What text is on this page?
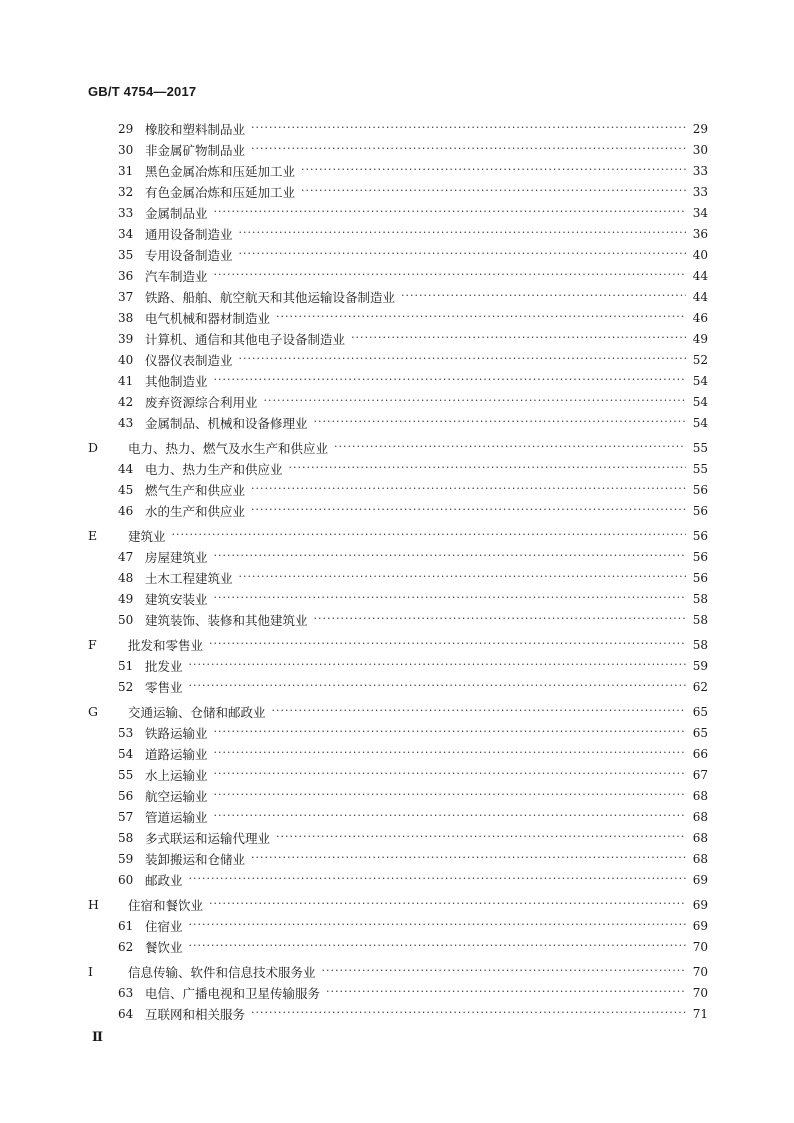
GB/T 4754—2017
29 橡胶和塑料制品业 ·····	29
30 非金属矿物制品业 ·····	30
31 黑色金属冶炼和压延加工业 ·····	33
32 有色金属冶炼和压延加工业 ·····	33
33 金属制品业 ·····	34
34 通用设备制造业 ·····	36
35 专用设备制造业 ·····	40
36 汽车制造业 ·····	44
37 铁路、船舶、航空航天和其他运输设备制造业 ·····	44
38 电气机械和器材制造业 ·····	46
39 计算机、通信和其他电子设备制造业 ·····	49
40 仪器仪表制造业 ·····	52
41 其他制造业 ·····	54
42 废弃资源综合利用业 ·····	54
43 金属制品、机械和设备修理业 ·····	54
D	电力、热力、燃气及水生产和供应业 ·····	55
44 电力、热力生产和供应业 ·····	55
45 燃气生产和供应业 ·····	56
46 水的生产和供应业 ·····	56
E	建筑业 ·····	56
47 房屋建筑业 ·····	56
48 土木工程建筑业 ·····	56
49 建筑安装业 ·····	58
50 建筑装饰、装修和其他建筑业 ·····	58
F	批发和零售业 ·····	58
51 批发业 ·····	59
52 零售业 ·····	62
G	交通运输、仓储和邮政业 ·····	65
53 铁路运输业 ·····	65
54 道路运输业 ·····	66
55 水上运输业 ·····	67
56 航空运输业 ·····	68
57 管道运输业 ·····	68
58 多式联运和运输代理业 ·····	68
59 装卸搬运和仓储业 ·····	68
60 邮政业 ·····	69
H	住宿和餐饮业 ·····	69
61 住宿业 ·····	69
62 餐饮业 ·····	70
I	信息传输、软件和信息技术服务业 ·····	70
63 电信、广播电视和卫星传输服务 ·····	70
64 互联网和相关服务 ·····	71
Ⅱ
